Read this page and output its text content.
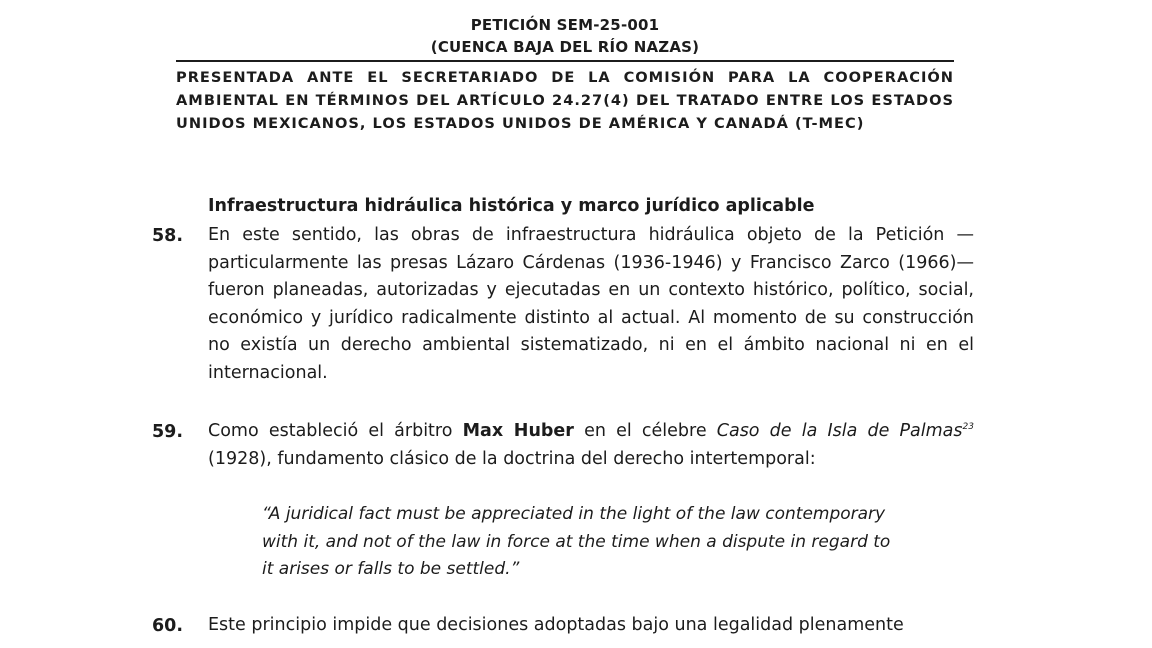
PETICIÓN SEM-25-001
(CUENCA BAJA DEL RÍO NAZAS)
PRESENTADA ANTE EL SECRETARIADO DE LA COMISIÓN PARA LA COOPERACIÓN AMBIENTAL EN TÉRMINOS DEL ARTÍCULO 24.27(4) DEL TRATADO ENTRE LOS ESTADOS UNIDOS MEXICANOS, LOS ESTADOS UNIDOS DE AMÉRICA Y CANADÁ (T-MEC)
Infraestructura hidráulica histórica y marco jurídico aplicable
58. En este sentido, las obras de infraestructura hidráulica objeto de la Petición —particularmente las presas Lázaro Cárdenas (1936-1946) y Francisco Zarco (1966)— fueron planeadas, autorizadas y ejecutadas en un contexto histórico, político, social, económico y jurídico radicalmente distinto al actual. Al momento de su construcción no existía un derecho ambiental sistematizado, ni en el ámbito nacional ni en el internacional.
59. Como estableció el árbitro Max Huber en el célebre Caso de la Isla de Palmas$^{23}$ (1928), fundamento clásico de la doctrina del derecho intertemporal:
“A juridical fact must be appreciated in the light of the law contemporary
with it, and not of the law in force at the time when a dispute in regard to
it arises or falls to be settled.”
60. Este principio impide que decisiones adoptadas bajo una legalidad plenamente
